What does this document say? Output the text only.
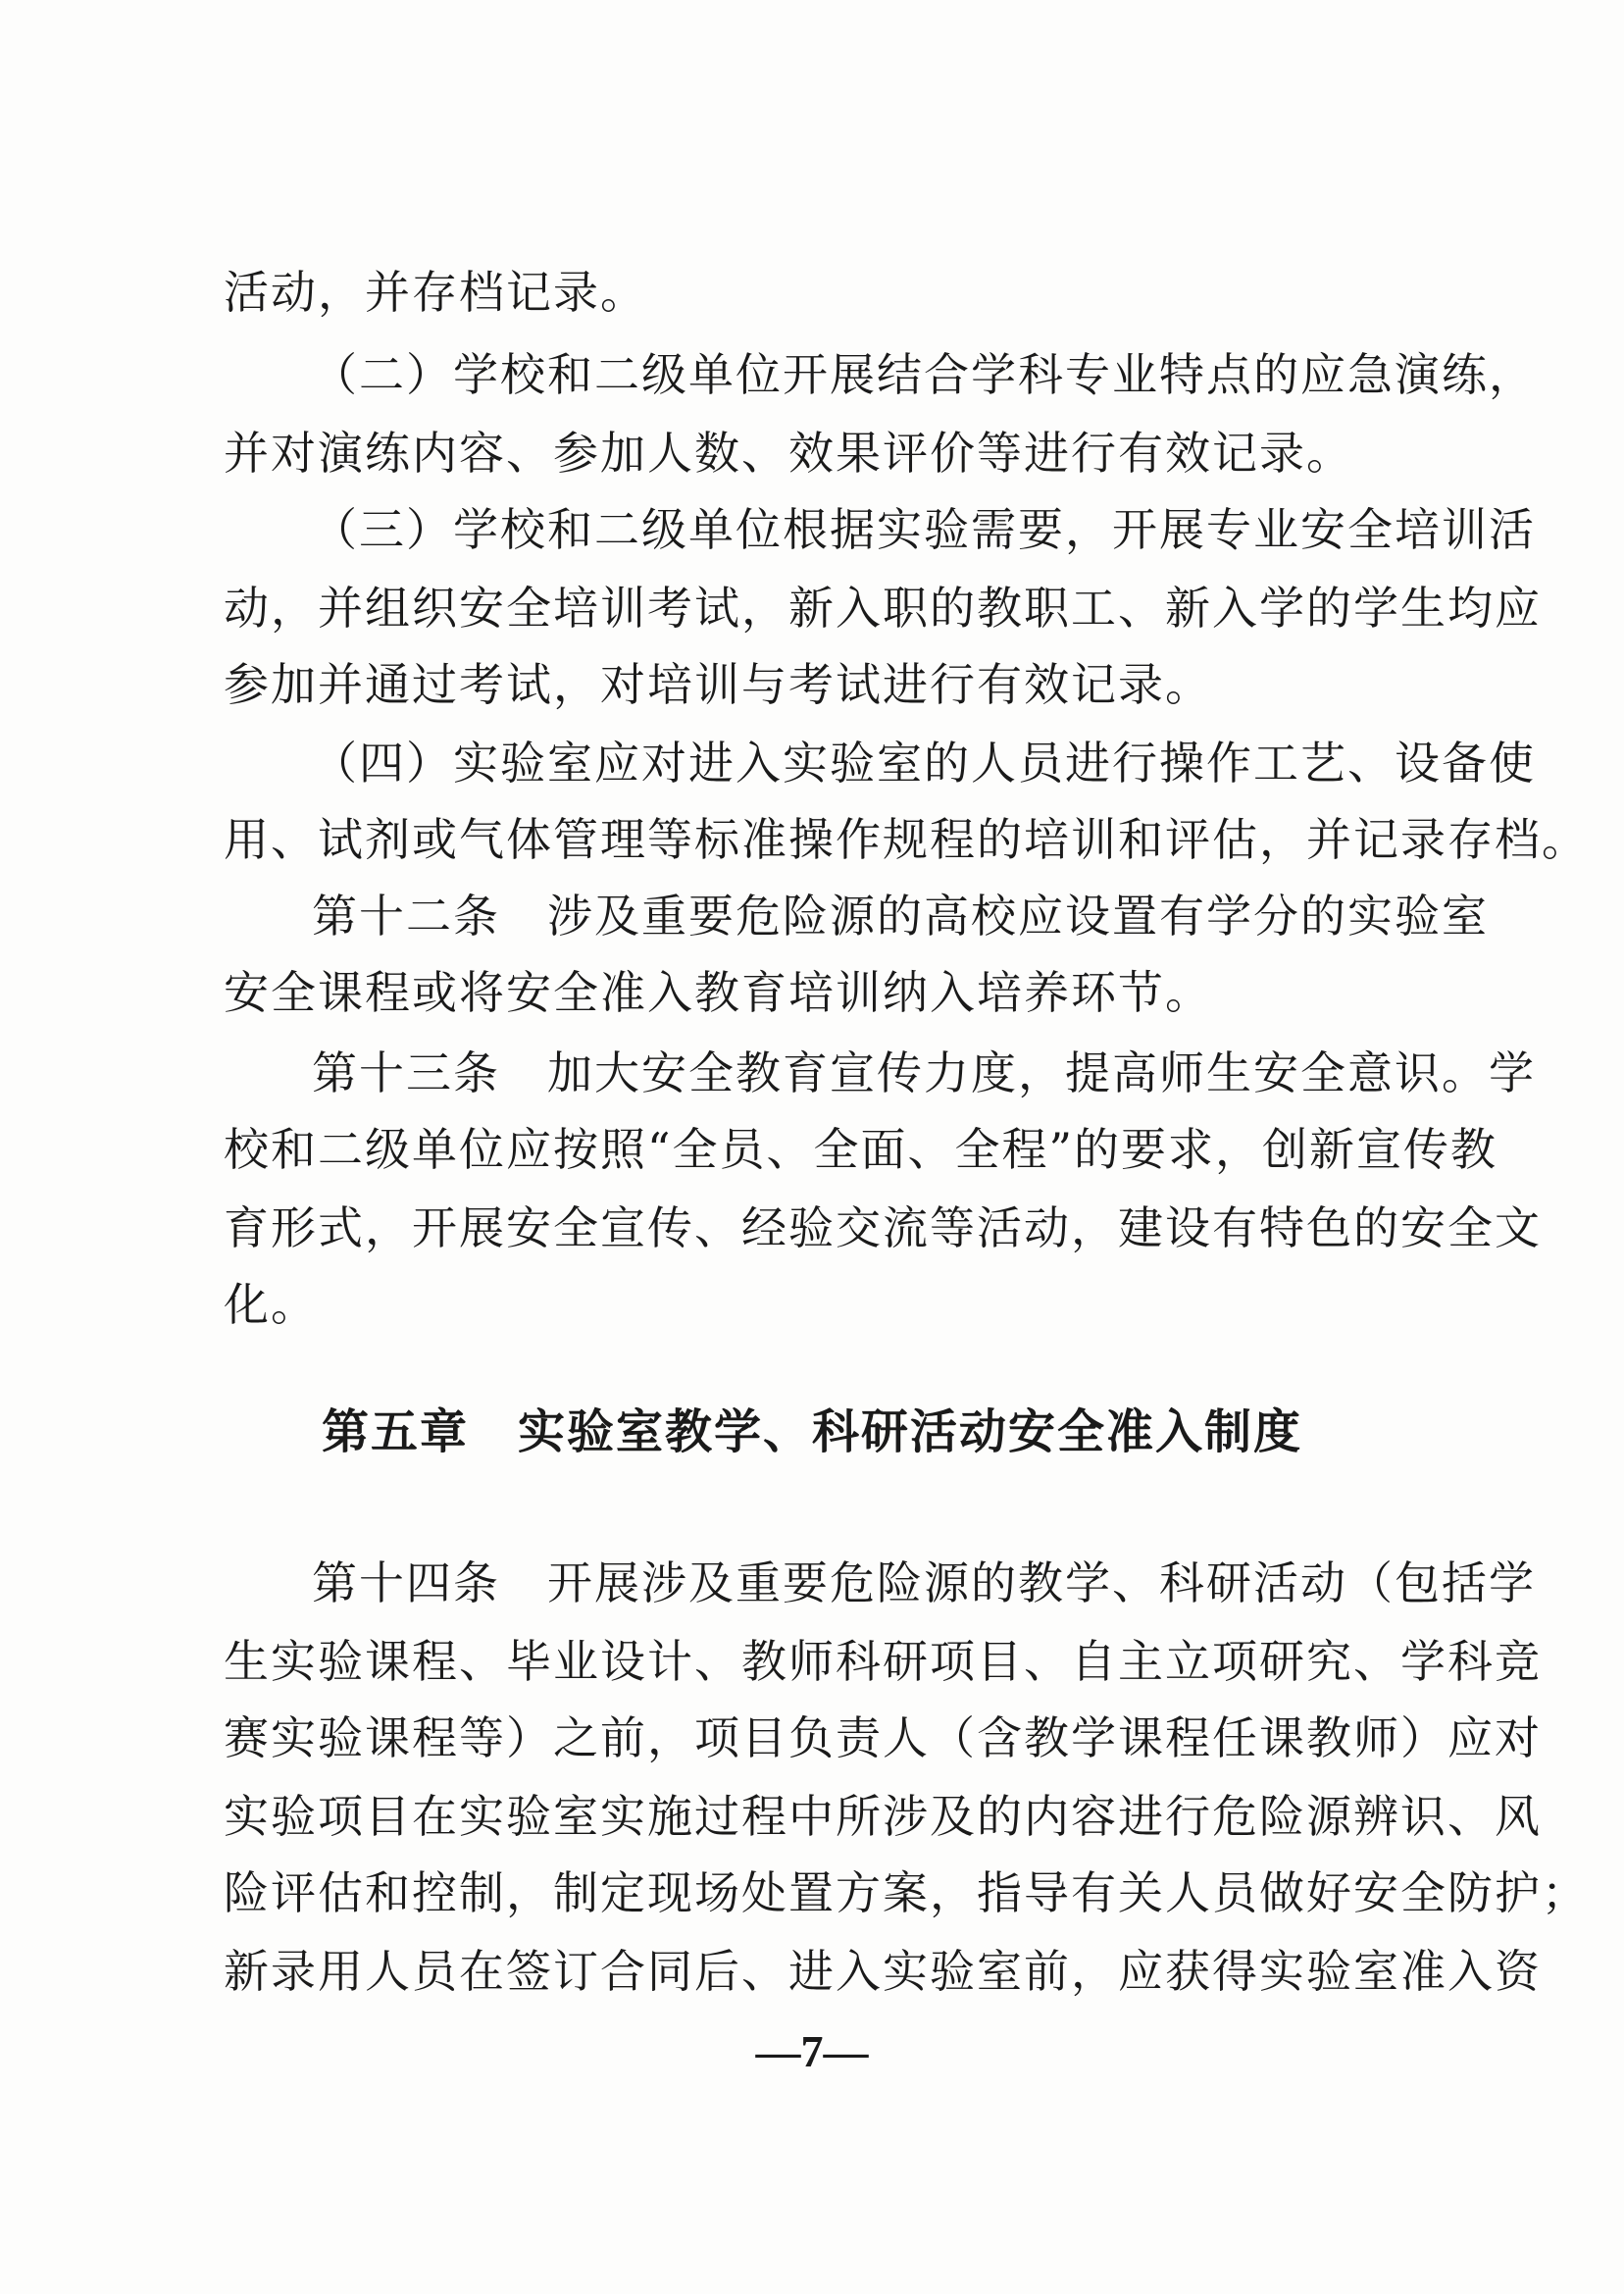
活动，并存档记录。
（二）学校和二级单位开展结合学科专业特点的应急演练，
并对演练内容、参加人数、效果评价等进行有效记录。
（三）学校和二级单位根据实验需要，开展专业安全培训活
动，并组织安全培训考试，新入职的教职工、新入学的学生均应
参加并通过考试，对培训与考试进行有效记录。
（四）实验室应对进入实验室的人员进行操作工艺、设备使
用、试剂或气体管理等标准操作规程的培训和评估，并记录存档。
第十二条　涉及重要危险源的高校应设置有学分的实验室
安全课程或将安全准入教育培训纳入培养环节。
第十三条　加大安全教育宣传力度，提高师生安全意识。学
校和二级单位应按照“全员、全面、全程”的要求，创新宣传教
育形式，开展安全宣传、经验交流等活动，建设有特色的安全文
化。
第五章　实验室教学、科研活动安全准入制度
第十四条　开展涉及重要危险源的教学、科研活动（包括学
生实验课程、毕业设计、教师科研项目、自主立项研究、学科竞
赛实验课程等）之前，项目负责人（含教学课程任课教师）应对
实验项目在实验室实施过程中所涉及的内容进行危险源辨识、风
险评估和控制，制定现场处置方案，指导有关人员做好安全防护；
新录用人员在签订合同后、进入实验室前，应获得实验室准入资
—7—
